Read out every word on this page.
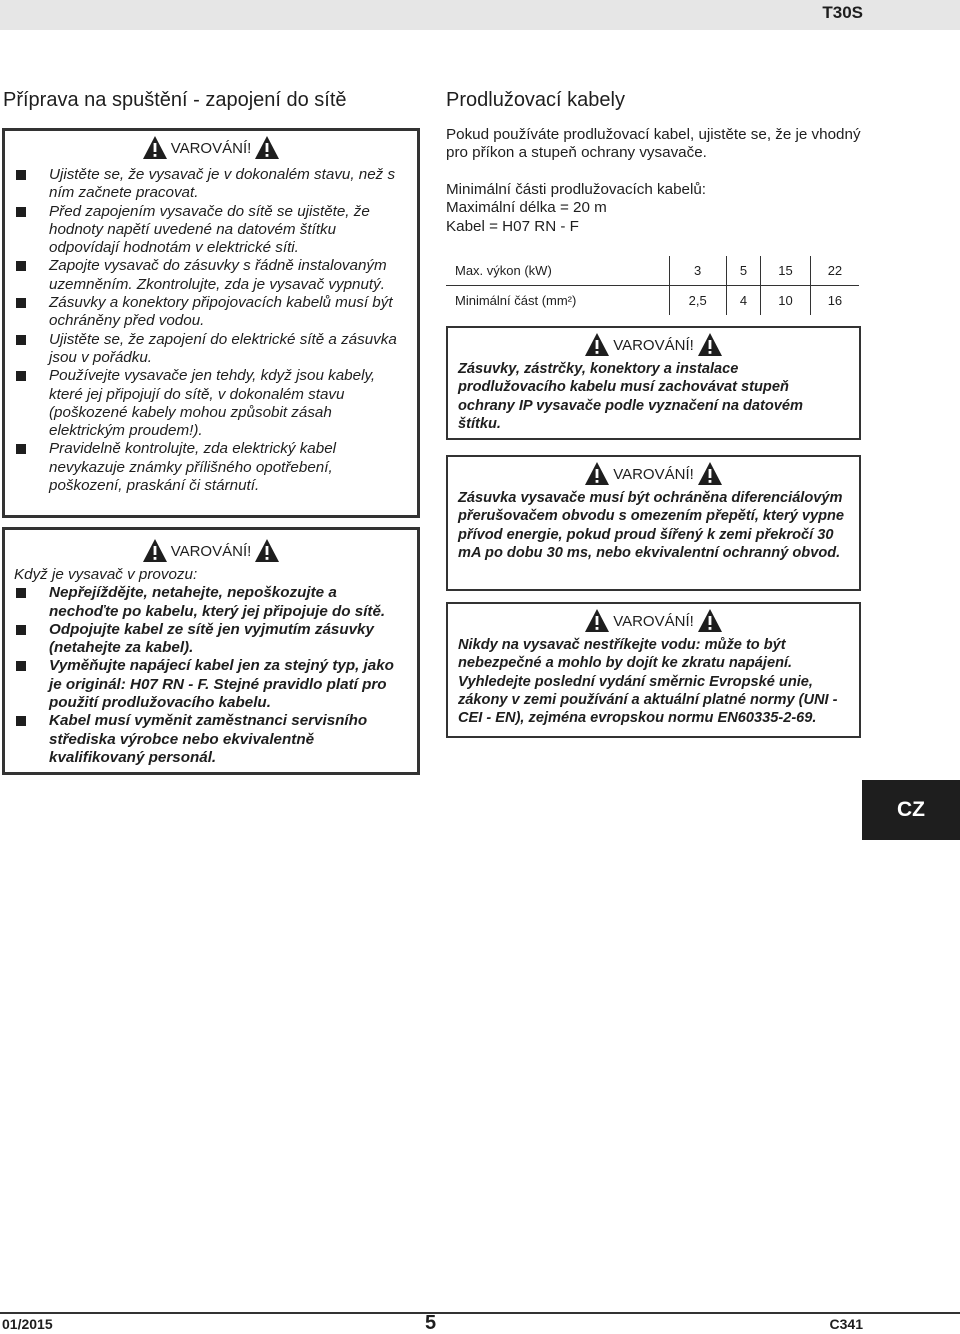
T30S
Příprava na spuštění - zapojení do sítě
VAROVÁNÍ!
Ujistěte se, že vysavač je v dokonalém stavu, než s ním začnete pracovat.
Před zapojením vysavače do sítě se ujistěte, že hodnoty napětí uvedené na datovém štítku odpovídají hodnotám v elektrické síti.
Zapojte vysavač do zásuvky s řádně instalovaným uzemněním. Zkontrolujte, zda je vysavač vypnutý.
Zásuvky a konektory připojovacích kabelů musí být ochráněny před vodou.
Ujistěte se, že zapojení do elektrické sítě a zásuvka jsou v pořádku.
Používejte vysavače jen tehdy, když jsou kabely, které jej připojují do sítě, v dokonalém stavu (poškozené kabely mohou způsobit zásah elektrickým proudem!).
Pravidelně kontrolujte, zda elektrický kabel nevykazuje známky přílišného opotřebení, poškození, praskání či stárnutí.
VAROVÁNÍ!
Když je vysavač v provozu:
Nepřejíždějte, netahejte, nepoškozujte a nechoďte po kabelu, který jej připojuje do sítě.
Odpojujte kabel ze sítě jen vyjmutím zásuvky (netahejte za kabel).
Vyměňujte napájecí kabel jen za stejný typ, jako je originál: H07 RN - F. Stejné pravidlo platí pro použití prodlužovacího kabelu.
Kabel musí vyměnit zaměstnanci servisního střediska výrobce nebo ekvivalentně kvalifikovaný personál.
Prodlužovací kabely
Pokud používáte prodlužovací kabel, ujistěte se, že je vhodný pro příkon a stupeň ochrany vysavače.
Minimální části prodlužovacích kabelů:
Maximální délka = 20 m
Kabel = H07 RN - F
Max. výkon (kW)	3	5	15	22
Minimální část (mm²)	2,5	4	10	16
VAROVÁNÍ!

Zásuvky, zástrčky, konektory a instalace prodlužovacího kabelu musí zachovávat stupeň ochrany IP vysavače podle vyznačení na datovém štítku.

VAROVÁNÍ!

Zásuvka vysavače musí být ochráněna diferenciálovým přerušovačem obvodu s omezením přepětí, který vypne přívod energie, pokud proud šířený k zemi překročí 30 mA po dobu 30 ms, nebo ekvivalentní ochranný obvod.

VAROVÁNÍ!

Nikdy na vysavač nestříkejte vodu: může to být nebezpečné a mohlo by dojít ke zkratu napájení. Vyhledejte poslední vydání směrnic Evropské unie, zákony v zemi používání a aktuální platné normy (UNI - CEI - EN), zejména evropskou normu EN60335-2-69.

CZ
01/2015	5	C341
